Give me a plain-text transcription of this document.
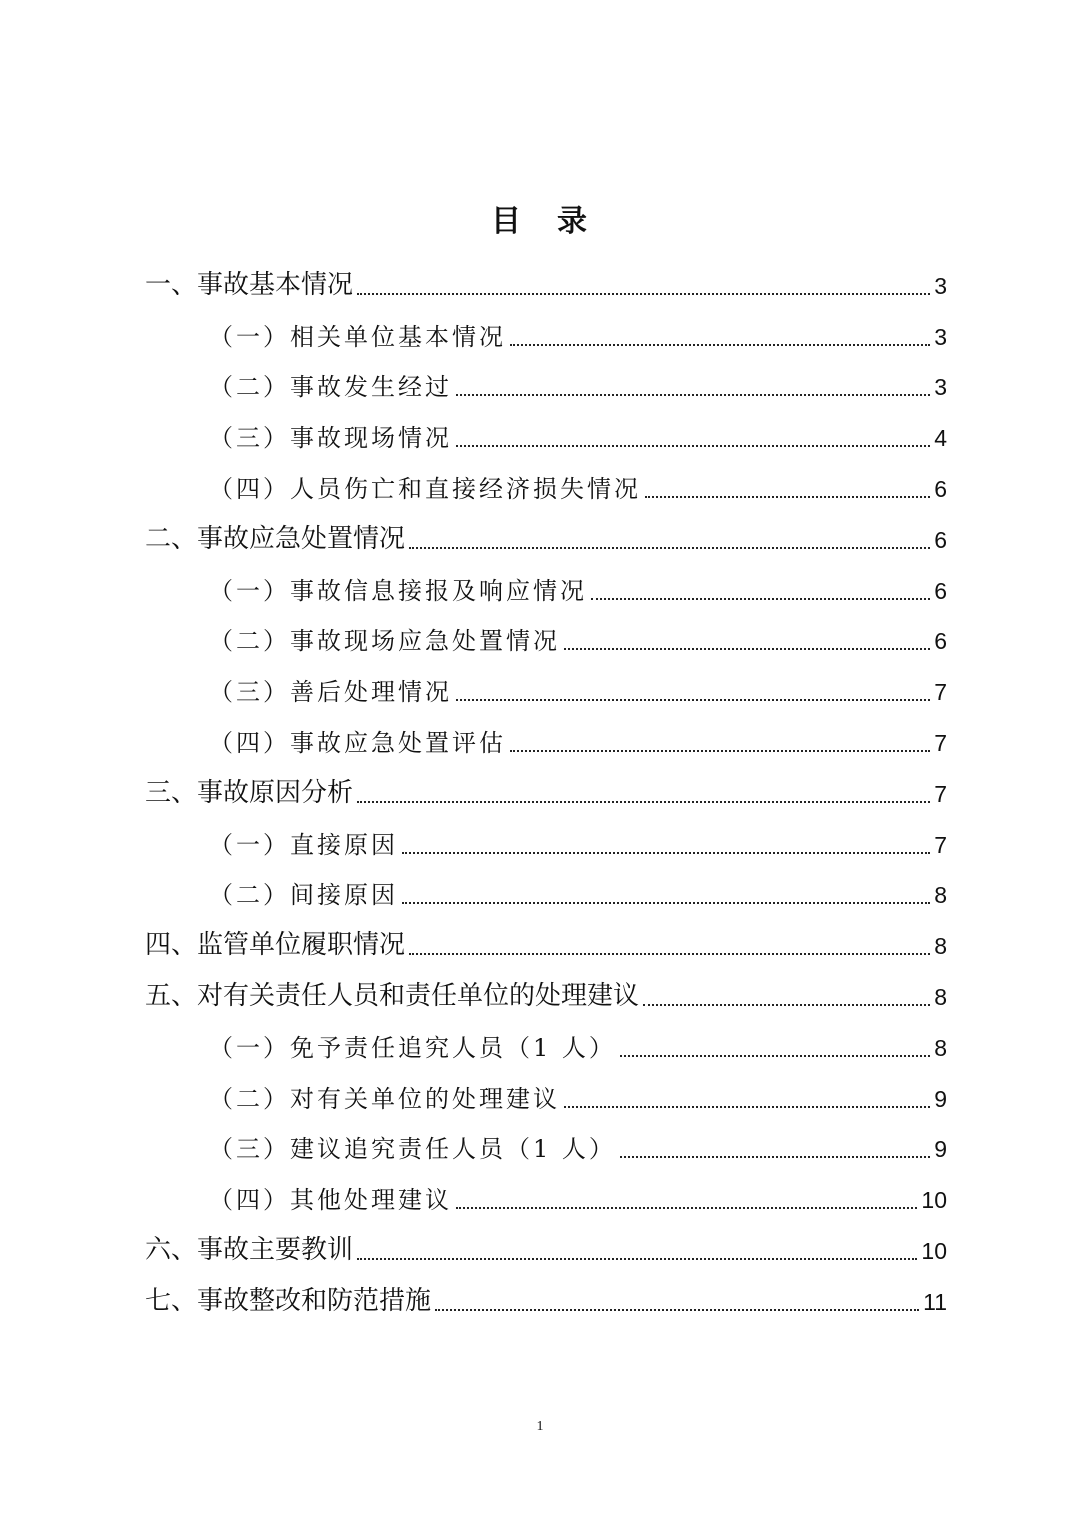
目 录
一、事故基本情况	3
（一）相关单位基本情况	3
（二）事故发生经过	3
（三）事故现场情况	4
（四）人员伤亡和直接经济损失情况	6
二、事故应急处置情况	6
（一）事故信息接报及响应情况	6
（二）事故现场应急处置情况	6
（三）善后处理情况	7
（四）事故应急处置评估	7
三、事故原因分析	7
（一）直接原因	7
（二）间接原因	8
四、监管单位履职情况	8
五、对有关责任人员和责任单位的处理建议	8
（一）免予责任追究人员（1 人）	8
（二）对有关单位的处理建议	9
（三）建议追究责任人员（1 人）	9
（四）其他处理建议	10
六、事故主要教训	10
七、事故整改和防范措施	11
1
